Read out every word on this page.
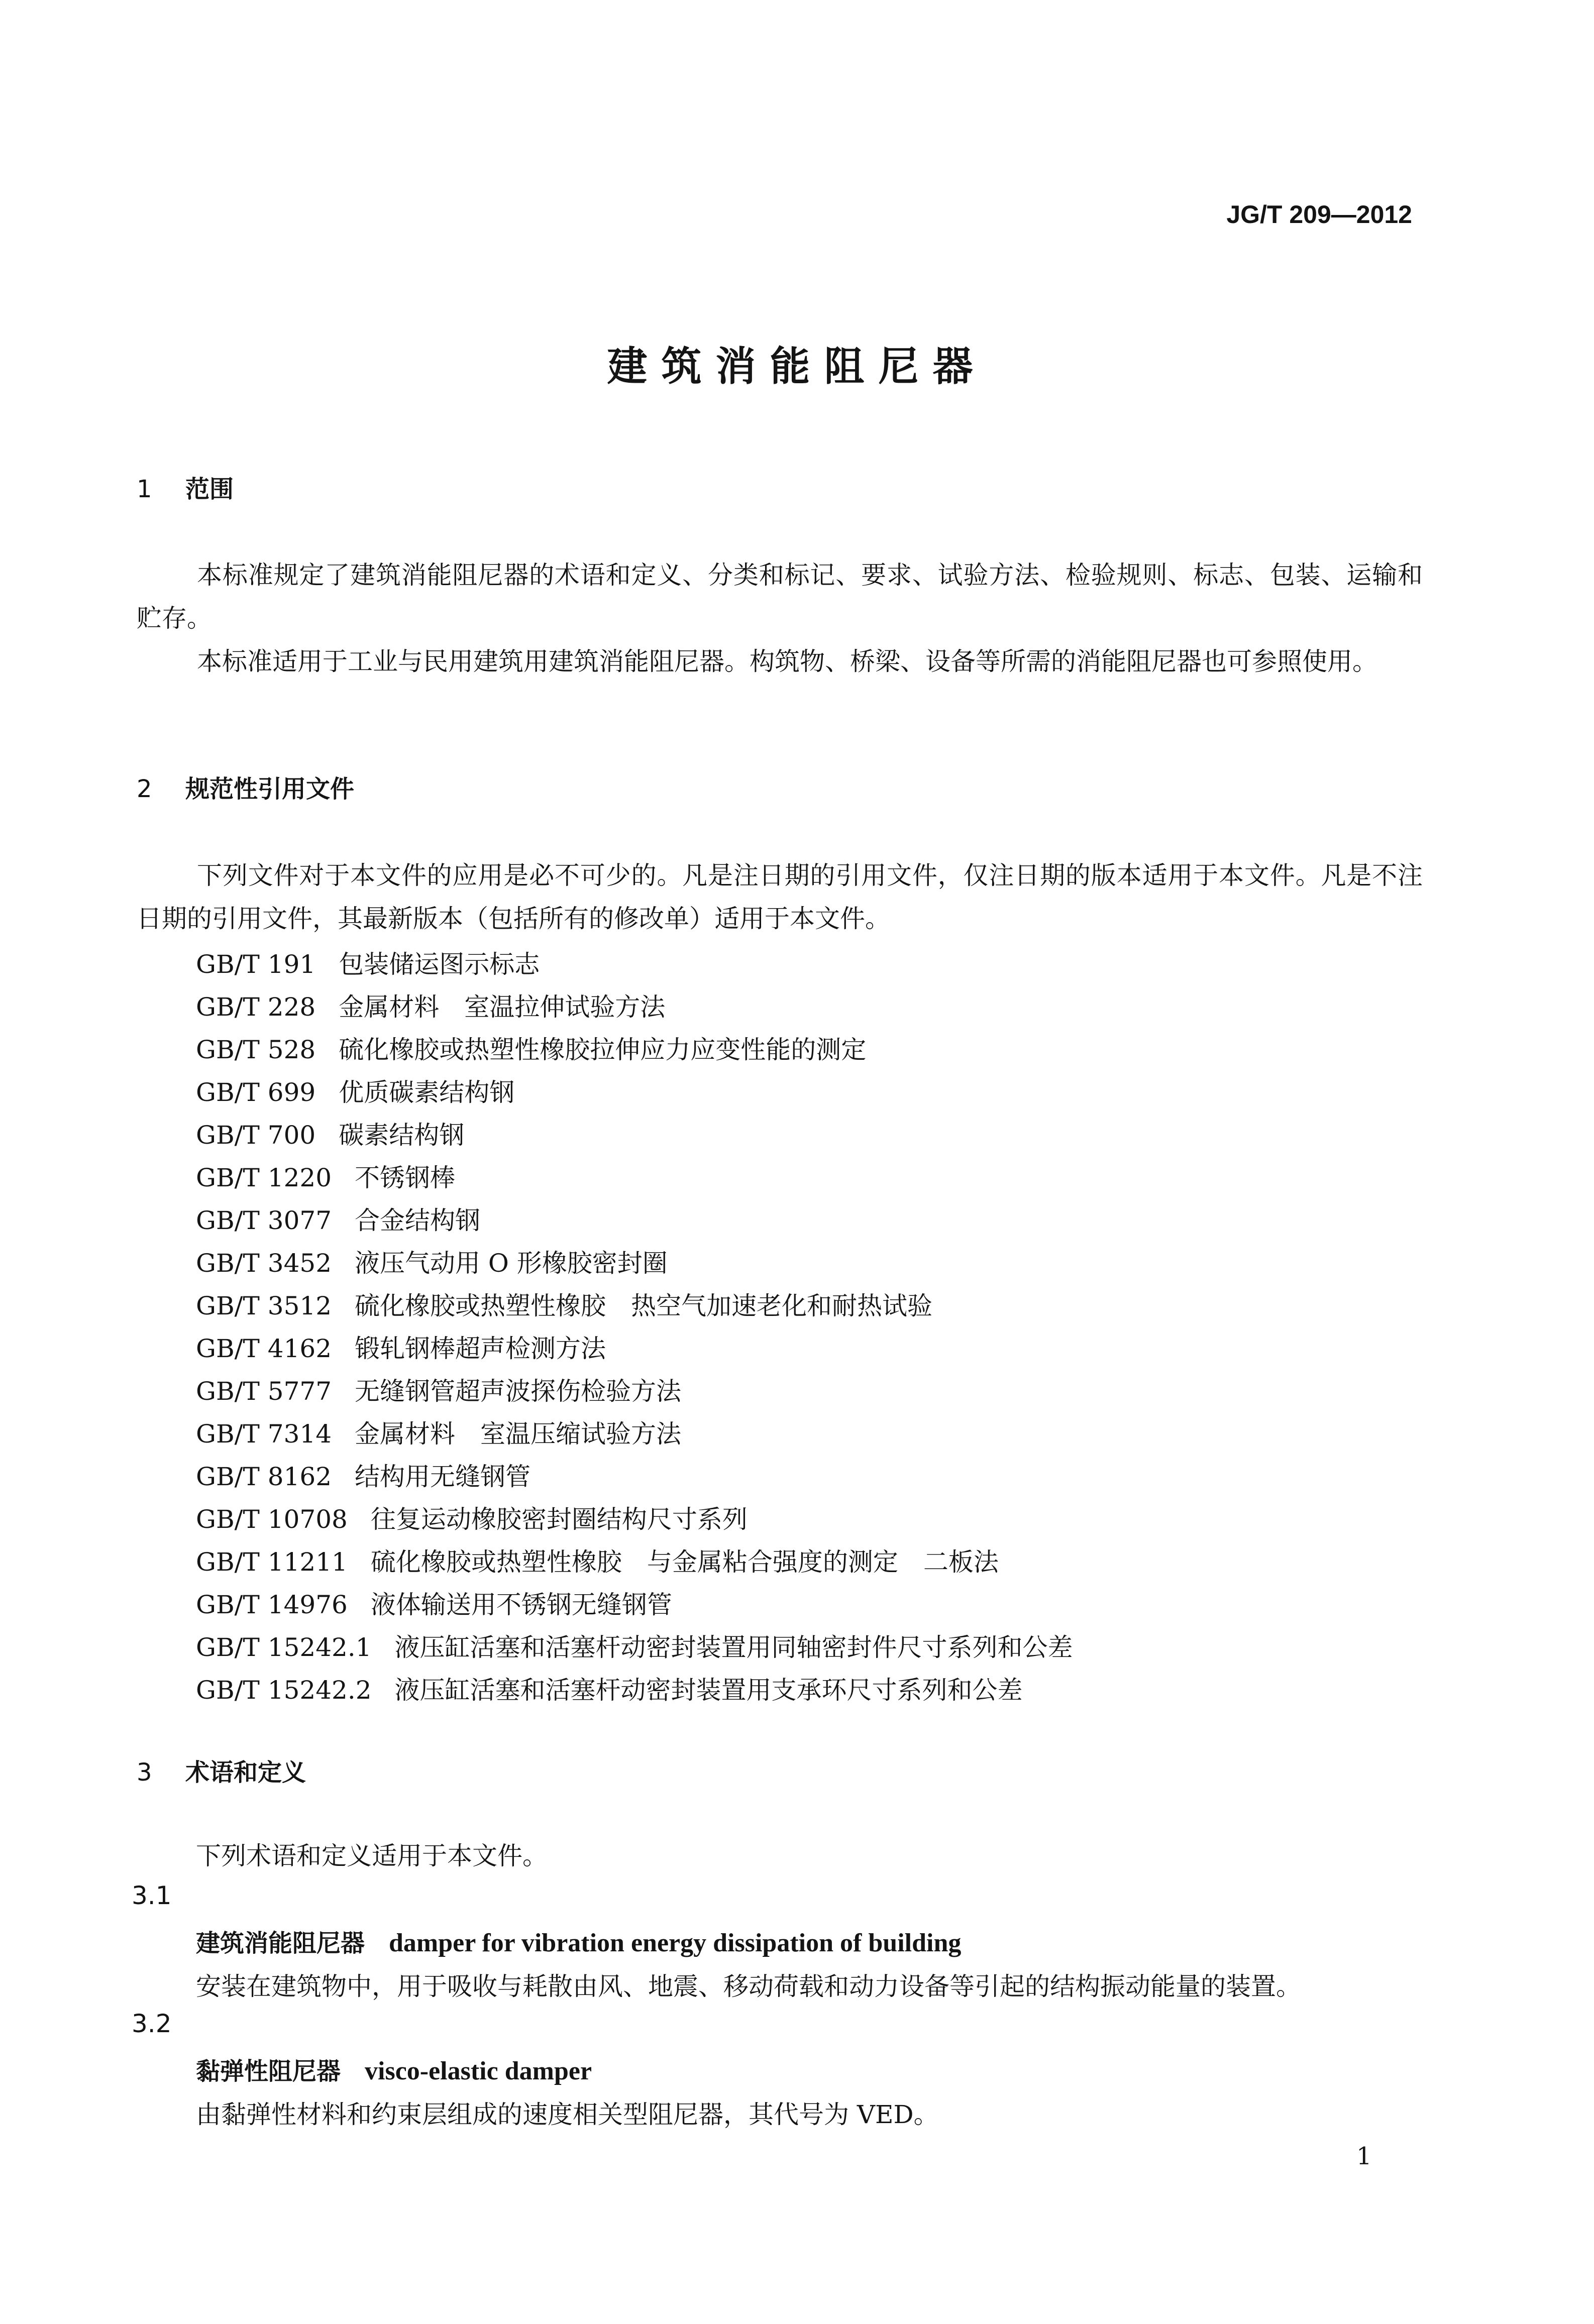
JG/T 209—2012
建筑消能阻尼器
1 范围
本标准规定了建筑消能阻尼器的术语和定义、分类和标记、要求、试验方法、检验规则、标志、包装、运输和贮存。
本标准适用于工业与民用建筑用建筑消能阻尼器。构筑物、桥梁、设备等所需的消能阻尼器也可参照使用。
2 规范性引用文件
下列文件对于本文件的应用是必不可少的。凡是注日期的引用文件，仅注日期的版本适用于本文件。凡是不注日期的引用文件，其最新版本（包括所有的修改单）适用于本文件。
GB/T 191 包装储运图示标志
GB/T 228 金属材料　室温拉伸试验方法
GB/T 528 硫化橡胶或热塑性橡胶拉伸应力应变性能的测定
GB/T 699 优质碳素结构钢
GB/T 700 碳素结构钢
GB/T 1220 不锈钢棒
GB/T 3077 合金结构钢
GB/T 3452 液压气动用 O 形橡胶密封圈
GB/T 3512 硫化橡胶或热塑性橡胶　热空气加速老化和耐热试验
GB/T 4162 锻轧钢棒超声检测方法
GB/T 5777 无缝钢管超声波探伤检验方法
GB/T 7314 金属材料　室温压缩试验方法
GB/T 8162 结构用无缝钢管
GB/T 10708 往复运动橡胶密封圈结构尺寸系列
GB/T 11211 硫化橡胶或热塑性橡胶　与金属粘合强度的测定　二板法
GB/T 14976 液体输送用不锈钢无缝钢管
GB/T 15242.1 液压缸活塞和活塞杆动密封装置用同轴密封件尺寸系列和公差
GB/T 15242.2 液压缸活塞和活塞杆动密封装置用支承环尺寸系列和公差
3 术语和定义
下列术语和定义适用于本文件。
3.1
建筑消能阻尼器 damper for vibration energy dissipation of building
安装在建筑物中，用于吸收与耗散由风、地震、移动荷载和动力设备等引起的结构振动能量的装置。
3.2
黏弹性阻尼器 visco-elastic damper
由黏弹性材料和约束层组成的速度相关型阻尼器，其代号为 VED。
1
